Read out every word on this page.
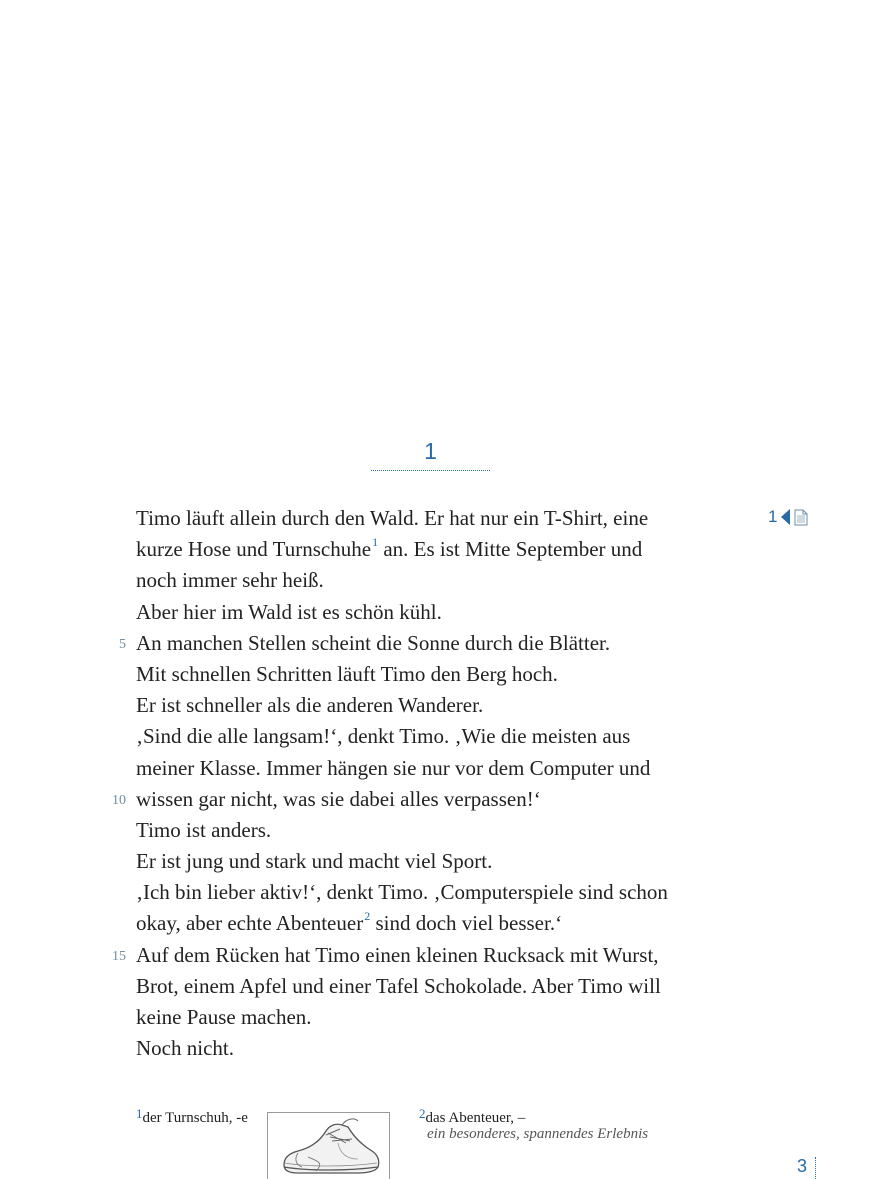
1
1
Timo läuft allein durch den Wald. Er hat nur ein T-Shirt, eine
kurze Hose und Turnschuhe$^1$ an. Es ist Mitte September und
noch immer sehr heiß.
Aber hier im Wald ist es schön kühl.
5 An manchen Stellen scheint die Sonne durch die Blätter.
Mit schnellen Schritten läuft Timo den Berg hoch.
Er ist schneller als die anderen Wanderer.
‚Sind die alle langsam!‘, denkt Timo. ‚Wie die meisten aus
meiner Klasse. Immer hängen sie nur vor dem Computer und
10 wissen gar nicht, was sie dabei alles verpassen!‘
Timo ist anders.
Er ist jung und stark und macht viel Sport.
‚Ich bin lieber aktiv!‘, denkt Timo. ‚Computerspiele sind schon
okay, aber echte Abenteuer$^2$ sind doch viel besser.‘
15 Auf dem Rücken hat Timo einen kleinen Rucksack mit Wurst,
Brot, einem Apfel und einer Tafel Schokolade. Aber Timo will
keine Pause machen.
Noch nicht.
$^1$der Turnschuh, -e	$^2$das Abenteuer, –
ein besonderes, spannendes Erlebnis
3
